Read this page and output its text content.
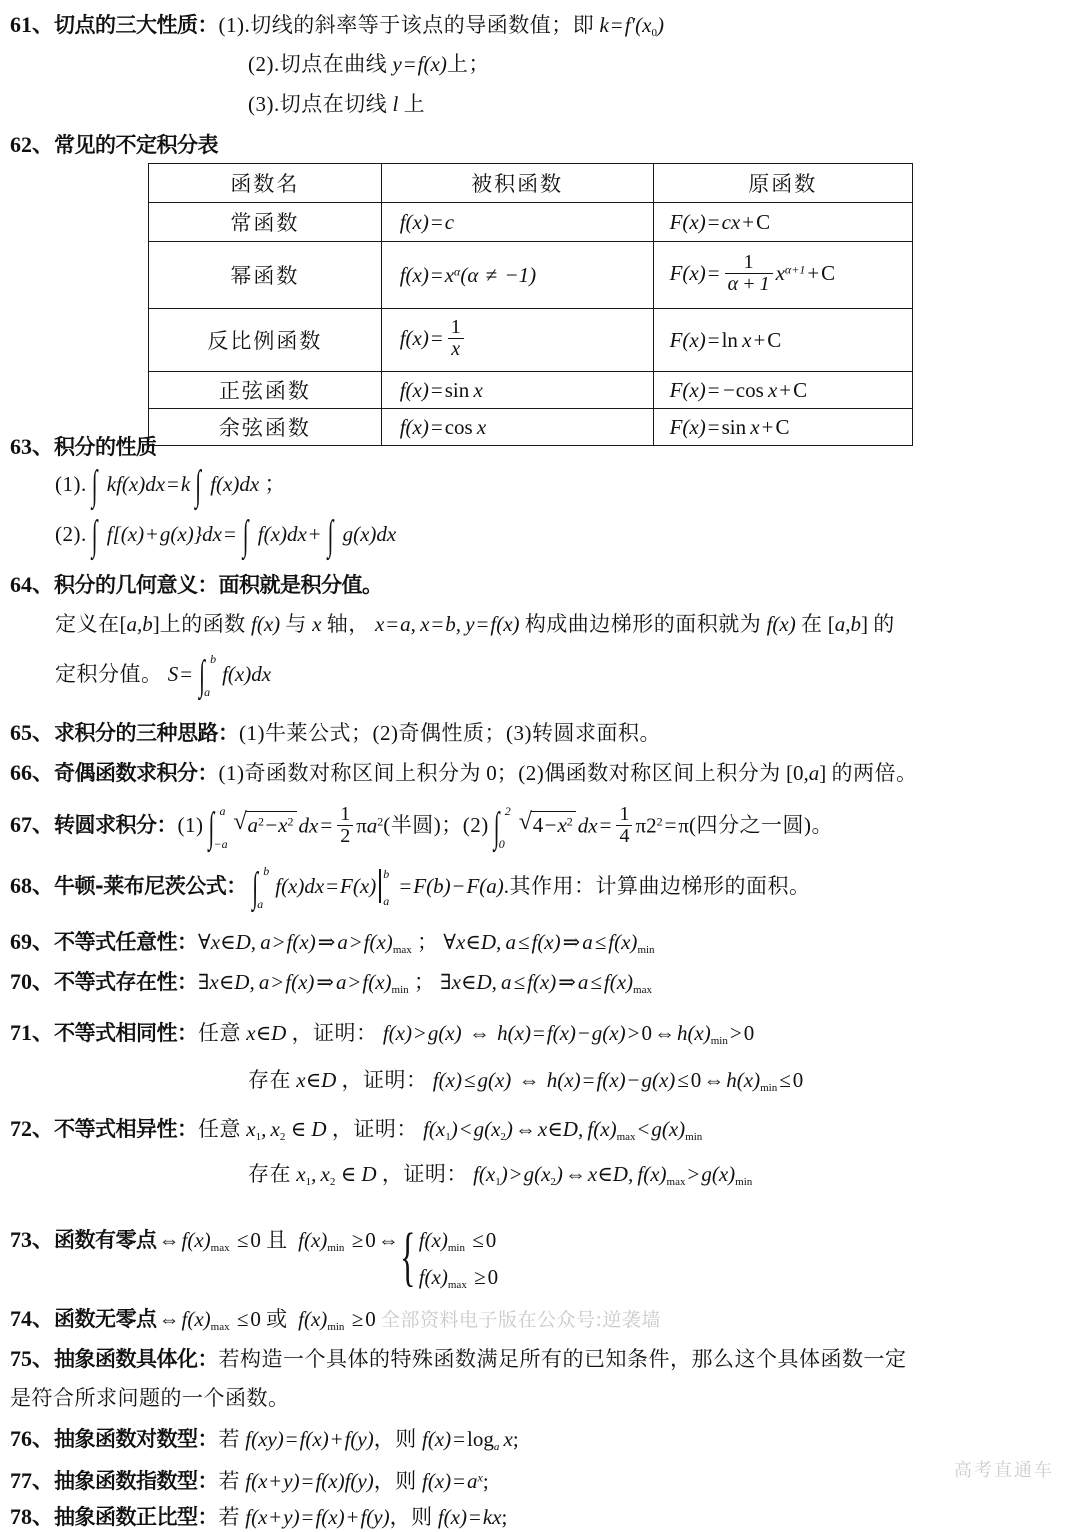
61、 切点的三大性质 ： (1). 切线的斜率等于该点的导函数值；即 $k=f'(x_0)$
(2). 切点在曲线 y=f(x) 上；
(3). 切点在切线 l 上
62、 常见的不定积分表
函数名	被积函数	原函数
常函数	f(x)=c	F(x)=cx+C
幂函数	$f(x)=x^\alpha(\alpha \ne -1)$	$F(x)= \frac{1}{\alpha + 1} x^{\alpha+1}+C$
反比例函数	$f(x)= \frac{1}{x}$	F(x)=ln x+C
正弦函数	f(x)=sin x	F(x)=−cos x+C
余弦函数	f(x)=cos x	F(x)=sin x+C
63、 积分的性质
(1). ∫ kf(x)dx=k ∫ f(x)dx ；
(2). ∫ f[(x)+g(x)}dx= ∫ f(x)dx+ ∫ g(x)dx
64、 积分的几何意义 ： 面积就是积分值。
定义在 [a,b] 上的函数 f(x) 与 x 轴， x=a, x=b, y=f(x) 构成曲边梯形的面积就为 f(x) 在 [a,b] 的
定积分值。 S=
b
∫ a
f(x)dx
65、 求积分的三种思路 ： (1)牛莱公式；(2)奇偶性质；(3)转圆求面积。
66、 奇偶函数求积分 ： (1)奇函数对称区间上积分为 0 ；(2)偶函数对称区间上积分为 [0,a] 的两倍。
67、 转圆求积分 ： (1)
a
∫ −a
√ $a^2-x^2$ $dx= \frac{1}{2} \pi a^2$ (半圆)； (2)
2
∫ 0
√ $4-x^2$ $dx= \frac{1}{4} \pi 2^2=\pi$ (四分之一圆)。
68、 牛顿-莱布尼茨公式 ：
b
∫ a
f(x)dx=F(x) b
a
=F(b)−F(a) .其作用：计算曲边梯形的面积。
69、 不等式任意性 ： ∀x∈D, $a>f(x)\Rightarrow a>f(x)_{max}$ ； ∀x∈D, $a\le f(x)\Rightarrow a\le f(x)_{min}$
70、 不等式存在性 ： ∃x∈D, $a>f(x)\Rightarrow a>f(x)_{min}$ ； ∃x∈D, $a\le f(x)\Rightarrow a\le f(x)_{max}$
71、 不等式相同性 ： 任意 x∈D ，证明： f(x)>g(x) ⇔ $h(x)=f(x)-g(x)>0\Leftrightarrow h(x)_{min}>0$
存在 x∈D ，证明： f(x)≤g(x) ⇔ $h(x)=f(x)-g(x)\le 0\Leftrightarrow h(x)_{min}\le 0$
72、 不等式相异性 ： 任意 $x_1$, $x_2$ ∈ D ，证明： $f(x_1)<g(x_2)\Leftrightarrow x\in D$, $f(x)_{max}<g(x)_{min}$
存在 $x_1$, $x_2$ ∈ D ，证明： $f(x_1)>g(x_2)\Leftrightarrow x\in D$, $f(x)_{max}>g(x)_{min}$
73、 函数有零点 $\Leftrightarrow f(x)_{max} \le 0$ 且 $f(x)_{min}$ ≥0⇔ { $f(x)_{min} \le 0$
$f(x)_{max} \ge 0$
74、 函数无零点 $\Leftrightarrow f(x)_{max} \le 0$ 或 $f(x)_{min} \ge 0$ 全部资料电子版在公众号:逆袭墙
75、 抽象函数具体化 ： 若构造一个具体的特殊函数满足所有的已知条件，那么这个具体函数一定
是符合所求问题的一个函数。
76、 抽象函数对数型 ： 若 f(xy)=f(x)+f(y) ，则 $f(x)=\log_a$ x;
77、 抽象函数指数型 ： 若 f(x+y)=f(x)f(y) ，则 $f(x)=a^x$;
78、 抽象函数正比型 ： 若 f(x+y)=f(x)+f(y) ，则 f(x)=kx;
高考直通车
